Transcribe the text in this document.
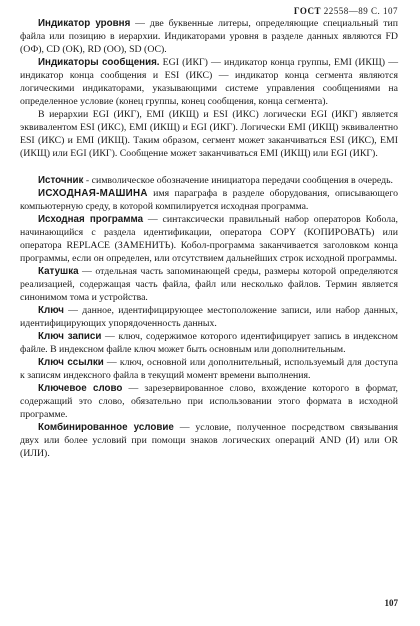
ГОСТ 22558—89 С. 107

Индикатор уровня — две буквенные литеры, определяющие специальный тип файла или позицию в иерархии. Индикаторами уровня в разделе данных являются FD (ОФ), CD (ОК), RD (ОО), SD (ОС).

Индикаторы сообщения. EGI (ИКГ) — индикатор конца группы, EMI (ИКЩ) — индикатор конца сообщения и ESI (ИКС) — индикатор конца сегмента являются логическими индикаторами, указывающими системе управления сообщениями на определенное условие (конец группы, конец сообщения, конца сегмента).

В иерархии EGI (ИКГ), EMI (ИКЩ) и ESI (ИКС) логически EGI (ИКГ) является эквивалентом ESI (ИКС), EMI (ИКЩ) и EGI (ИКГ). Логически EMI (ИКЩ) эквивалентно ESI (ИКС) и EMI (ИКЩ). Таким образом, сегмент может заканчиваться ESI (ИКС), EMI (ИКЩ) или EGI (ИКГ). Сообщение может заканчиваться EMI (ИКЩ) или EGI (ИКГ).

Источник - символическое обозначение инициатора передачи сообщения в очередь.

ИСХОДНАЯ-МАШИНА имя параграфа в разделе оборудования, описывающего компьютерную среду, в которой компилируется исходная программа.

Исходная программа — синтаксически правильный набор операторов Кобола, начинающийся с раздела идентификации, оператора COPY (КОПИРОВАТЬ) или оператора REPLACE (ЗАМЕНИТЬ). Кобол-программа заканчивается заголовком конца программы, если он определен, или отсутствием дальнейших строк исходной программы.

Катушка — отдельная часть запоминающей среды, размеры которой определяются реализацией, содержащая часть файла, файл или несколько файлов. Термин является синонимом тома и устройства.

Ключ — данное, идентифицирующее местоположение записи, или набор данных, идентифицирующих упорядоченность данных.

Ключ записи — ключ, содержимое которого идентифицирует запись в индексном файле. В индексном файле ключ может быть основным или дополнительным.

Ключ ссылки — ключ, основной или дополнительный, используемый для доступа к записям индексного файла в текущий момент времени выполнения.

Ключевое слово — зарезервированное слово, вхождение которого в формат, содержащий это слово, обязательно при использовании этого формата в исходной программе.

Комбинированное условие — условие, полученное посредством связывания двух или более условий при помощи знаков логических операций AND (И) или OR (ИЛИ).

107
